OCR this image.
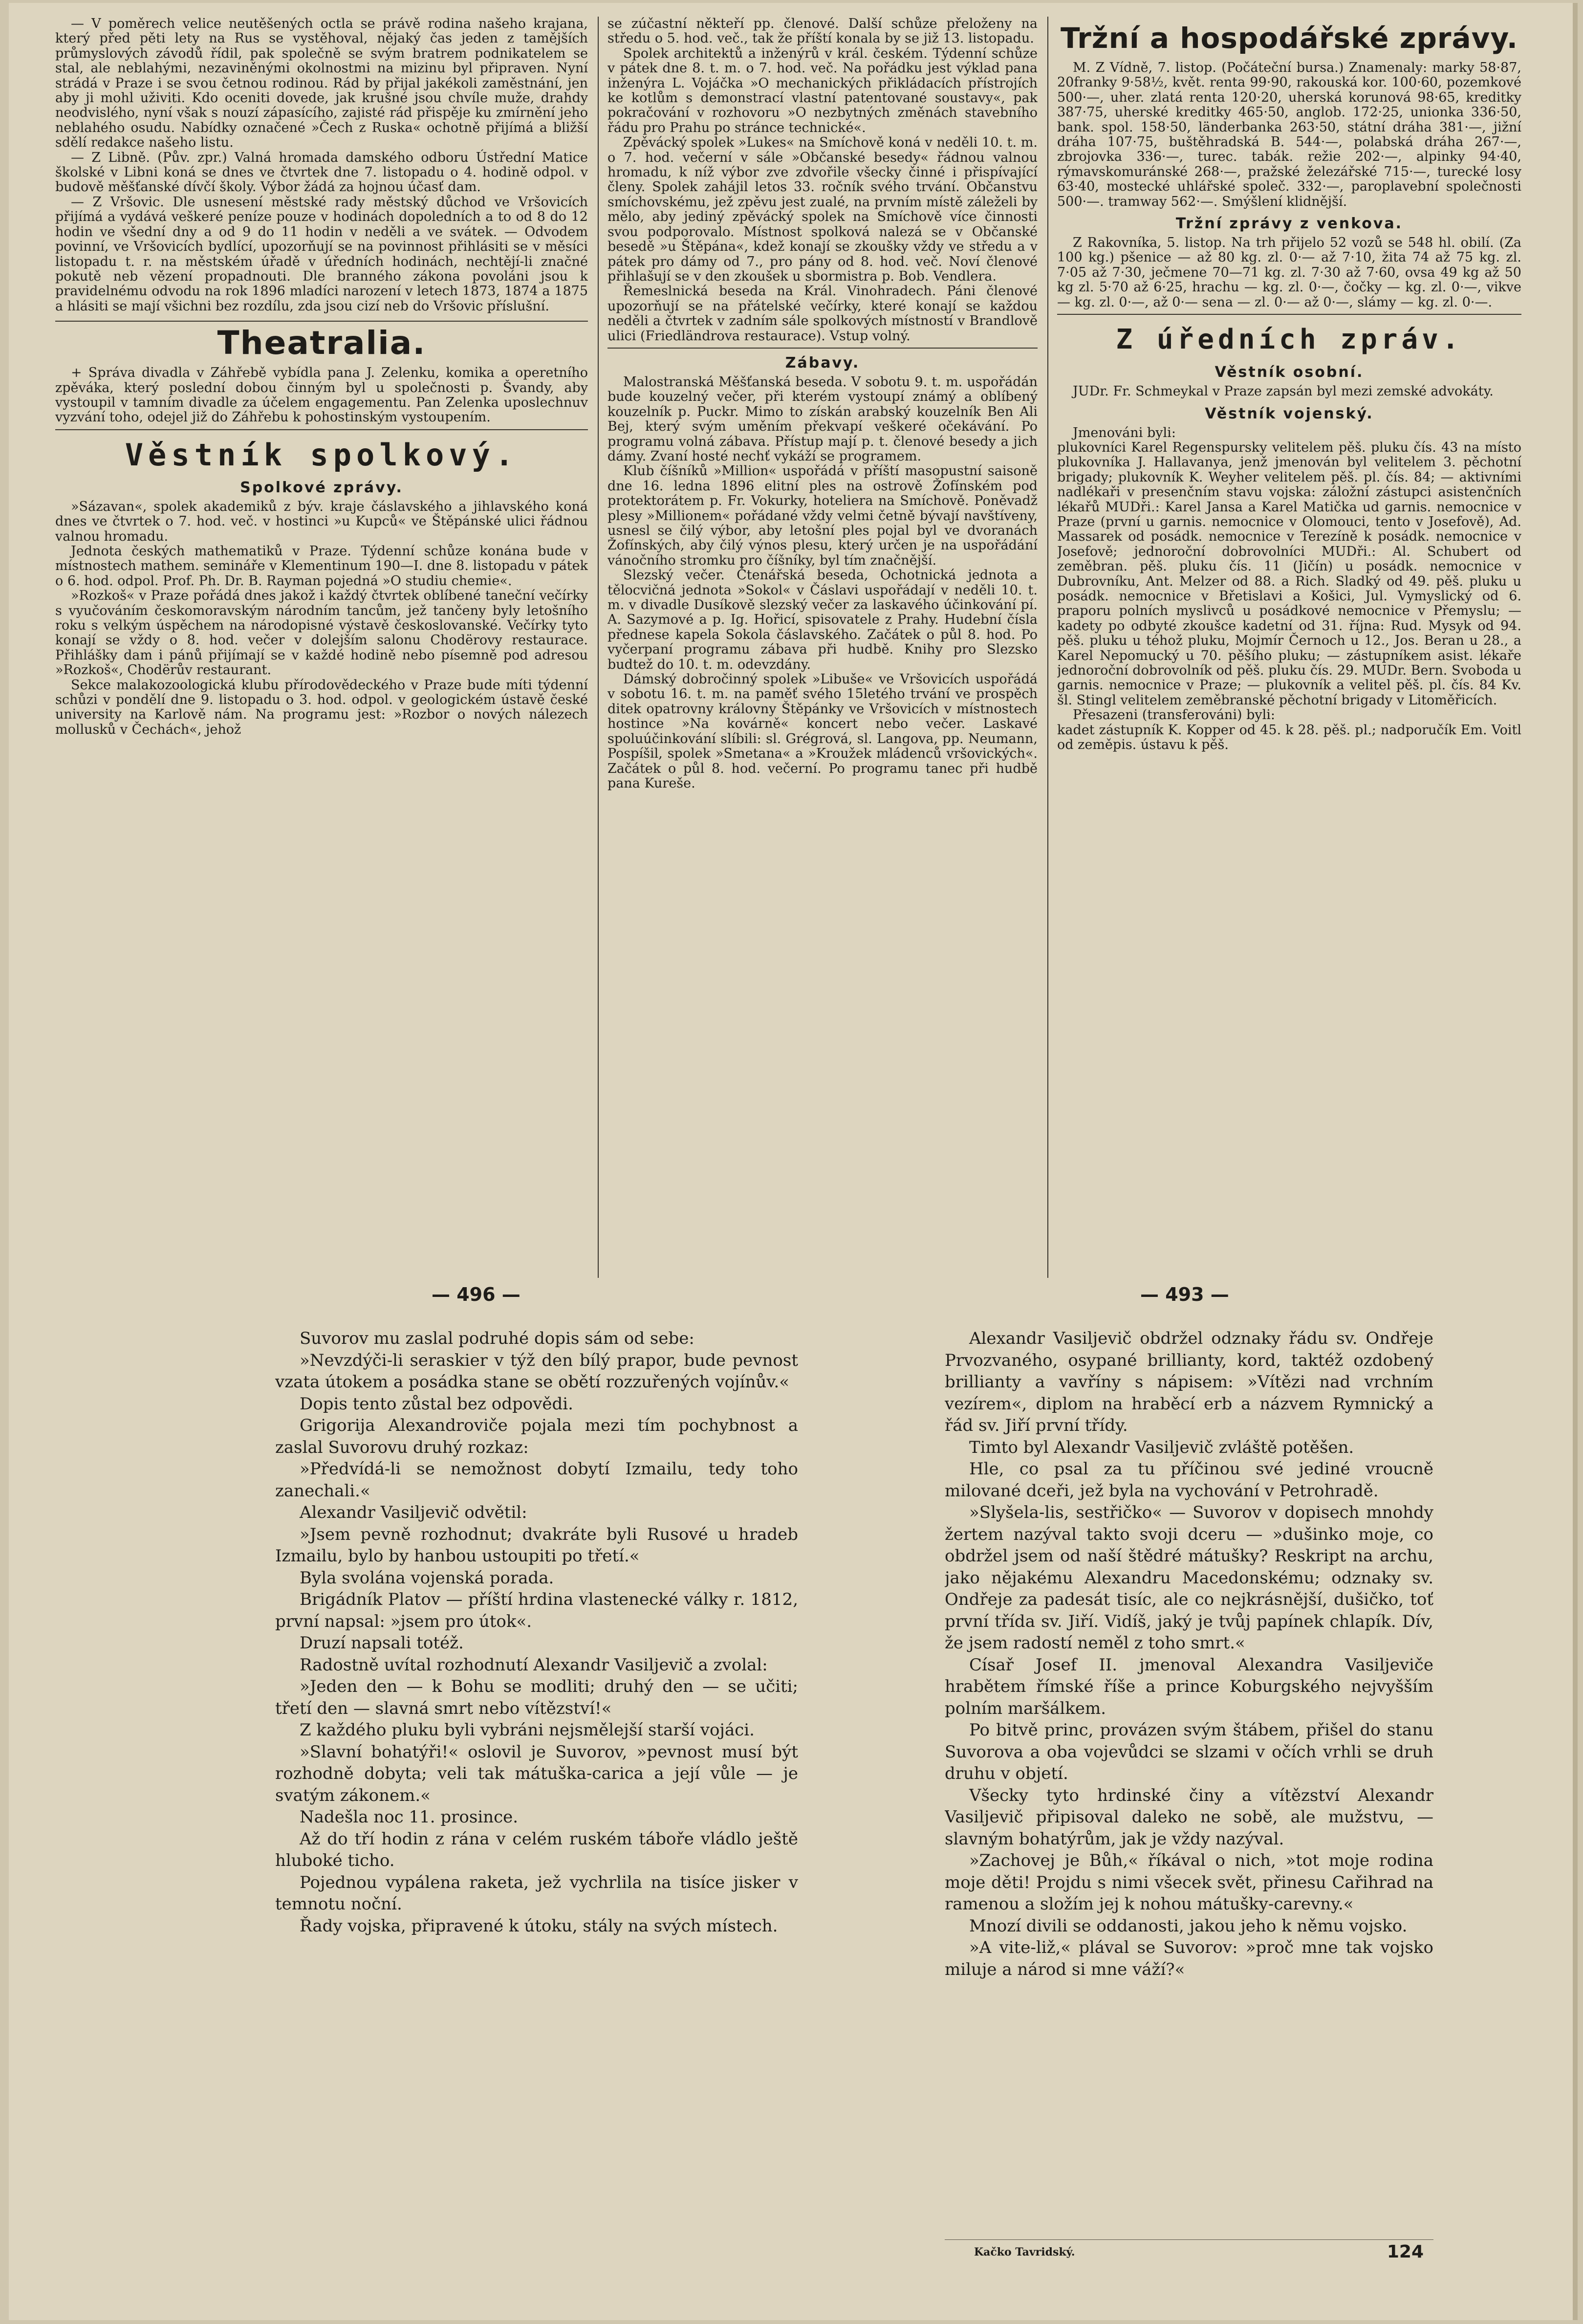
— V poměrech velice neutěšených octla se právě rodina našeho krajana, který před pěti lety na Rus se vystěhoval, nějaký čas jeden z tamějších průmyslových závodů řídil, pak společně se svým bratrem podnikatelem se stal, ale neblahými, nezaviněnými okolnostmi na mizinu byl připraven. Nyní strádá v Praze i se svou četnou rodinou. Rád by přijal jakékoli zaměstnání, jen aby ji mohl uživiti. Kdo oceniti dovede, jak krušné jsou chvíle muže, drahdy neodvislého, nyní však s nouzí zápasícího, zajisté rád přispěje ku zmírnění jeho neblahého osudu. Nabídky označené »Čech z Ruska« ochotně přijímá a bližší sdělí redakce našeho listu.

— Z Libně. (Pův. zpr.) Valná hromada damského odboru Ústřední Matice školské v Libni koná se dnes ve čtvrtek dne 7. listopadu o 4. hodině odpol. v budově měšťanské dívčí školy. Výbor žádá za hojnou účasť dam.

— Z Vršovic. Dle usnesení městské rady městský důchod ve Vršovicích přijímá a vydává veškeré peníze pouze v hodinách dopoledních a to od 8 do 12 hodin ve všední dny a od 9 do 11 hodin v neděli a ve svátek. — Odvodem povinní, ve Vršovicích bydlící, upozorňují se na povinnost přihlásiti se v měsíci listopadu t. r. na městském úřadě v úředních hodinách, nechtějí-li značné pokutě neb vězení propadnouti. Dle branného zákona povoláni jsou k pravidelnému odvodu na rok 1896 mladíci narození v letech 1873, 1874 a 1875 a hlásiti se mají všichni bez rozdílu, zda jsou cizí neb do Vršovic příslušní.

Theatralia.

+ Správa divadla v Záhřebě vybídla pana J. Zelenku, komika a operetního zpěváka, který poslední dobou činným byl u společnosti p. Švandy, aby vystoupil v tamním divadle za účelem engagementu. Pan Zelenka uposlechnuv vyzvání toho, odejel již do Záhřebu k pohostinským vystoupením.

Věstník spolkový.
Spolkové zprávy.

»Sázavan«, spolek akademiků z býv. kraje čáslavského a jihlavského koná dnes ve čtvrtek o 7. hod. več. v hostinci »u Kupců« ve Štěpánské ulici řádnou valnou hromadu.

Jednota českých mathematiků v Praze. Týdenní schůze konána bude v místnostech mathem. semináře v Klementinum 190—I. dne 8. listopadu v pátek o 6. hod. odpol. Prof. Ph. Dr. B. Rayman pojedná »O studiu chemie«.

»Rozkoš« v Praze pořádá dnes jakož i každý čtvrtek oblíbené taneční večírky s vyučováním českomoravským národním tancům, jež tančeny byly letošního roku s velkým úspěchem na národopisné výstavě českoslovanské. Večírky tyto konají se vždy o 8. hod. večer v dolejším salonu Chodërovy restaurace. Přihlášky dam i pánů přijímají se v každé hodině nebo písemně pod adresou »Rozkoš«, Chodërův restaurant.

Sekce malakozoologická klubu přírodovědeckého v Praze bude míti týdenní schůzi v pondělí dne 9. listopadu o 3. hod. odpol. v geologickém ústavě české university na Karlově nám. Na programu jest: »Rozbor o nových nálezech mollusků v Čechách«, jehož

se zúčastní někteří pp. členové. Další schůze přeloženy na středu o 5. hod. več., tak že příští konala by se již 13. listopadu.

Spolek architektů a inženýrů v král. českém. Týdenní schůze v pátek dne 8. t. m. o 7. hod. več. Na pořádku jest výklad pana inženýra L. Vojáčka »O mechanických přikládacích přístrojích ke kotlům s demonstrací vlastní patentované soustavy«, pak pokračování v rozhovoru »O nezbytných změnách stavebního řádu pro Prahu po stránce technické«.

Zpěvácký spolek »Lukes« na Smíchově koná v neděli 10. t. m. o 7. hod. večerní v sále »Občanské besedy« řádnou valnou hromadu, k níž výbor zve zdvořile všecky činné i přispívající členy. Spolek zahájil letos 33. ročník svého trvání. Občanstvu smíchovskému, jež zpěvu jest zualé, na prvním místě záleželi by mělo, aby jediný zpěvácký spolek na Smíchově více činnosti svou podporovalo. Místnost spolková nalezá se v Občanské besedě »u Štěpána«, kdež konají se zkoušky vždy ve středu a v pátek pro dámy od 7., pro pány od 8. hod. več. Noví členové přihlašují se v den zkoušek u sbormistra p. Bob. Vendlera.

Řemeslnická beseda na Král. Vinohradech. Páni členové upozorňují se na přátelské večírky, které konají se každou neděli a čtvrtek v zadním sále spolkových místností v Brandlově ulici (Friedländrova restaurace). Vstup volný.

Zábavy.

Malostranská Měšťanská beseda. V sobotu 9. t. m. uspořádán bude kouzelný večer, při kterém vystoupí známý a oblíbený kouzelník p. Puckr. Mimo to získán arabský kouzelník Ben Ali Bej, který svým uměním překvapí veškeré očekávání. Po programu volná zábava. Přístup mají p. t. členové besedy a jich dámy. Zvaní hosté nechť vykáží se programem.

Klub číšníků »Million« uspořádá v příští masopustní saisoně dne 16. ledna 1896 elitní ples na ostrově Žofínském pod protektorátem p. Fr. Vokurky, hoteliera na Smíchově. Poněvadž plesy »Millionem« pořádané vždy velmi četně bývají navštíveny, usnesl se čilý výbor, aby letošní ples pojal byl ve dvoranách Žofínských, aby čilý výnos plesu, který určen je na uspořádání vánočního stromku pro číšníky, byl tím značnější.

Slezský večer. Čtenářská beseda, Ochotnická jednota a tělocvičná jednota »Sokol« v Čáslavi uspořádají v neděli 10. t. m. v divadle Dusíkově slezský večer za laskavého účinkování pí. A. Sazymové a p. Ig. Hořicí, spisovatele z Prahy. Hudební čísla přednese kapela Sokola čáslavského. Začátek o půl 8. hod. Po vyčerpaní programu zábava při hudbě. Knihy pro Slezsko budtež do 10. t. m. odevzdány.

Dámský dobročinný spolek »Libuše« ve Vršovicích uspořádá v sobotu 16. t. m. na paměť svého 15letého trvání ve prospěch ditek opatrovny královny Štěpánky ve Vršovicích v místnostech hostince »Na kovárně« koncert nebo večer. Laskavé spoluúčinkování slíbili: sl. Grégrová, sl. Langova, pp. Neumann, Pospíšil, spolek »Smetana« a »Kroužek mládenců vršovických«. Začátek o půl 8. hod. večerní. Po programu tanec při hudbě pana Kureše.

Tržní a hospodářské zprávy.

M. Z Vídně, 7. listop. (Počáteční bursa.) Znamenaly: marky 58·87, 20franky 9·58½, květ. renta 99·90, rakouská kor. 100·60, pozemkové 500·—, uher. zlatá renta 120·20, uherská korunová 98·65, kreditky 387·75, uherské kreditky 465·50, anglob. 172·25, unionka 336·50, bank. spol. 158·50, länderbanka 263·50, státní dráha 381·—, jižní dráha 107·75, buštěhradská B. 544·—, polabská dráha 267·—, zbrojovka 336·—, turec. tabák. režie 202·—, alpinky 94·40, rýmavskomuránské 268·—, pražské železářské 715·—, turecké losy 63·40, mostecké uhlářské společ. 332·—, paroplavební společnosti 500·—. tramway 562·—. Smýšlení klidnější.

Tržní zprávy z venkova.

Z Rakovníka, 5. listop. Na trh přijelo 52 vozů se 548 hl. obilí. (Za 100 kg.) pšenice — až 80 kg. zl. 0·— až 7·10, žita 74 až 75 kg. zl. 7·05 až 7·30, ječmene 70—71 kg. zl. 7·30 až 7·60, ovsa 49 kg až 50 kg zl. 5·70 až 6·25, hrachu — kg. zl. 0·—, čočky — kg. zl. 0·—, vikve — kg. zl. 0·—, až 0·— sena — zl. 0·— až 0·—, slámy — kg. zl. 0·—.

Z úředních zpráv.
Věstník osobní.

JUDr. Fr. Schmeykal v Praze zapsán byl mezi zemské advokáty.

Věstník vojenský.

Jmenováni byli:

plukovníci Karel Regenspursky velitelem pěš. pluku čís. 43 na místo plukovníka J. Hallavanya, jenž jmenován byl velitelem 3. pěchotní brigady; plukovník K. Weyher velitelem pěš. pl. čís. 84; — aktivními nadlékaři v presenčním stavu vojska: záložní zástupci asistenčních lékařů MUDři.: Karel Jansa a Karel Matička ud garnis. nemocnice v Praze (první u garnis. nemocnice v Olomouci, tento v Josefově), Ad. Massarek od posádk. nemocnice v Terezíně k posádk. nemocnice v Josefově; jednoroční dobrovolníci MUDři.: Al. Schubert od zeměbran. pěš. pluku čís. 11 (Jičín) u posádk. nemocnice v Dubrovníku, Ant. Melzer od 88. a Rich. Sladký od 49. pěš. pluku u posádk. nemocnice v Břetislavi a Košici, Jul. Vymyslický od 6. praporu polních myslivců u posádkové nemocnice v Přemyslu; — kadety po odbyté zkoušce kadetní od 31. října: Rud. Mysyk od 94. pěš. pluku u téhož pluku, Mojmír Černoch u 12., Jos. Beran u 28., a Karel Nepomucký u 70. pěšího pluku; — zástupníkem asist. lékaře jednoroční dobrovolník od pěš. pluku čís. 29. MUDr. Bern. Svoboda u garnis. nemocnice v Praze; — plukovník a velitel pěš. pl. čís. 84 Kv. šl. Stingl velitelem zeměbranské pěchotní brigady v Litoměřicích.

Přesazeni (transferováni) byli:

kadet zástupník K. Kopper od 45. k 28. pěš. pl.; nadporučík Em. Voitl od zeměpis. ústavu k pěš.

— 496 —	— 493 —

Suvorov mu zaslal podruhé dopis sám od sebe:

»Nevzdýči-li seraskier v týž den bílý prapor, bude pevnost vzata útokem a posádka stane se obětí rozzuřených vojínův.«

Dopis tento zůstal bez odpovědi.

Grigorija Alexandroviče pojala mezi tím pochybnost a zaslal Suvorovu druhý rozkaz:

»Předvídá-li se nemožnost dobytí Izmailu, tedy toho zanechali.«

Alexandr Vasiljevič odvětil:

»Jsem pevně rozhodnut; dvakráte byli Rusové u hradeb Izmailu, bylo by hanbou ustoupiti po třetí.«

Byla svolána vojenská porada.

Brigádník Platov — příští hrdina vlastenecké války r. 1812, první napsal: »jsem pro útok«.

Druzí napsali totéž.

Radostně uvítal rozhodnutí Alexandr Vasiljevič a zvolal:

»Jeden den — k Bohu se modliti; druhý den — se učiti; třetí den — slavná smrt nebo vítězství!«

Z každého pluku byli vybráni nejsmělejší starší vojáci.

»Slavní bohatýři!« oslovil je Suvorov, »pevnost musí být rozhodně dobyta; veli tak mátuška-carica a její vůle — je svatým zákonem.«

Nadešla noc 11. prosince.

Až do tří hodin z rána v celém ruském táboře vládlo ještě hluboké ticho.

Pojednou vypálena raketa, jež vychrlila na tisíce jisker v temnotu noční.

Řady vojska, připravené k útoku, stály na svých místech.

Alexandr Vasiljevič obdržel odznaky řádu sv. Ondřeje Prvozvaného, osypané brillianty, kord, taktéž ozdobený brillianty a vavříny s nápisem: »Vítězi nad vrchním vezírem«, diplom na hraběcí erb a názvem Rymnický a řád sv. Jiří první třídy.

Timto byl Alexandr Vasiljevič zvláště potěšen.

Hle, co psal za tu příčinou své jediné vroucně milované dceři, jež byla na vychování v Petrohradě.

»Slyšela-lis, sestřičko« — Suvorov v dopisech mnohdy žertem nazýval takto svoji dceru — »dušinko moje, co obdržel jsem od naší štědré mátušky? Reskript na archu, jako nějakému Alexandru Macedonskému; odznaky sv. Ondřeje za padesát tisíc, ale co nejkrásnější, dušičko, toť první třída sv. Jiří. Vidíš, jaký je tvůj papínek chlapík. Dív, že jsem radostí neměl z toho smrt.«

Císař Josef II. jmenoval Alexandra Vasiljeviče hrabětem římské říše a prince Koburgského nejvyšším polním maršálkem.

Po bitvě princ, provázen svým štábem, přišel do stanu Suvorova a oba vojevůdci se slzami v očích vrhli se druh druhu v objetí.

Všecky tyto hrdinské činy a vítězství Alexandr Vasiljevič připisoval daleko ne sobě, ale mužstvu, — slavným bohatýrům, jak je vždy nazýval.

»Zachovej je Bůh,« říkával o nich, »tot moje rodina moje děti! Projdu s nimi všecek svět, přinesu Cařihrad na ramenou a složím jej k nohou mátušky-carevny.«

Mnozí divili se oddanosti, jakou jeho k němu vojsko.

»A vite-liž,« plával se Suvorov: »proč mne tak vojsko miluje a národ si mne váží?«

Kačko Tavridský.	124
